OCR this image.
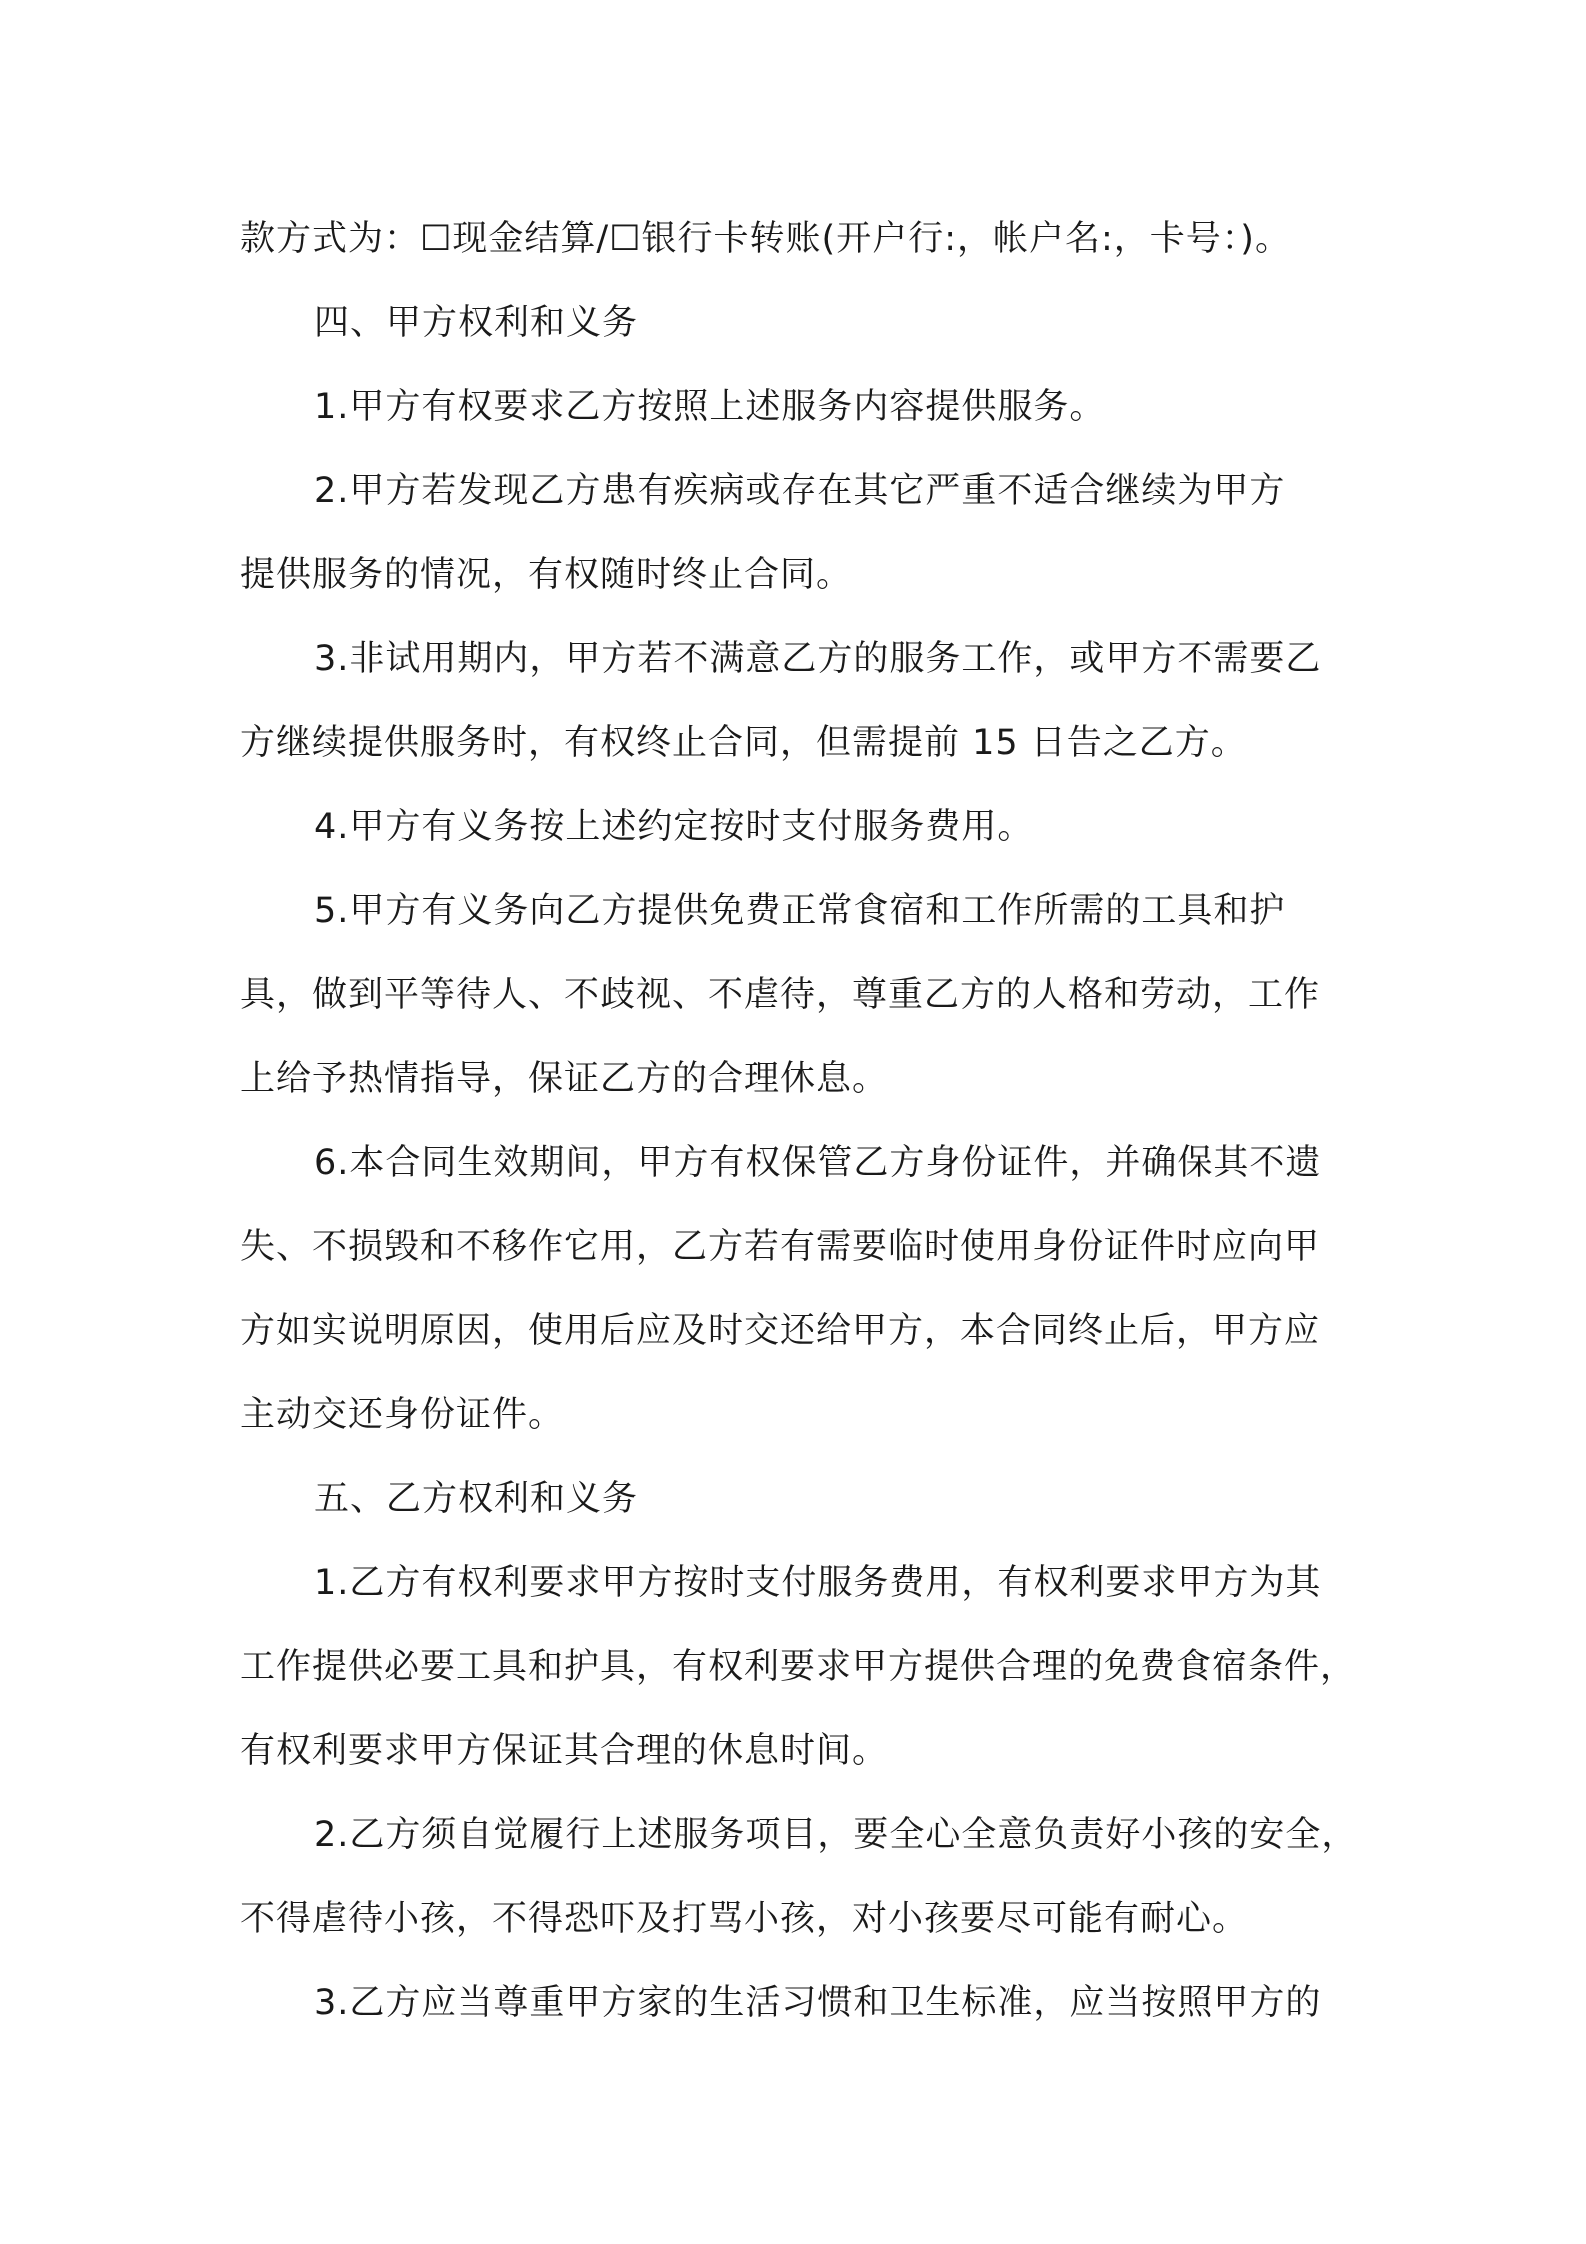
款方式为：☐现金结算/☐银行卡转账(开户行:，帐户名:，卡号：)。
四、甲方权利和义务
1.甲方有权要求乙方按照上述服务内容提供服务。
2.甲方若发现乙方患有疾病或存在其它严重不适合继续为甲方
提供服务的情况，有权随时终止合同。
3.非试用期内，甲方若不满意乙方的服务工作，或甲方不需要乙
方继续提供服务时，有权终止合同，但需提前 15 日告之乙方。
4.甲方有义务按上述约定按时支付服务费用。
5.甲方有义务向乙方提供免费正常食宿和工作所需的工具和护
具，做到平等待人、不歧视、不虐待，尊重乙方的人格和劳动，工作
上给予热情指导，保证乙方的合理休息。
6.本合同生效期间，甲方有权保管乙方身份证件，并确保其不遗
失、不损毁和不移作它用，乙方若有需要临时使用身份证件时应向甲
方如实说明原因，使用后应及时交还给甲方，本合同终止后，甲方应
主动交还身份证件。
五、乙方权利和义务
1.乙方有权利要求甲方按时支付服务费用，有权利要求甲方为其
工作提供必要工具和护具，有权利要求甲方提供合理的免费食宿条件，
有权利要求甲方保证其合理的休息时间。
2.乙方须自觉履行上述服务项目，要全心全意负责好小孩的安全，
不得虐待小孩，不得恐吓及打骂小孩，对小孩要尽可能有耐心。
3.乙方应当尊重甲方家的生活习惯和卫生标准，应当按照甲方的
